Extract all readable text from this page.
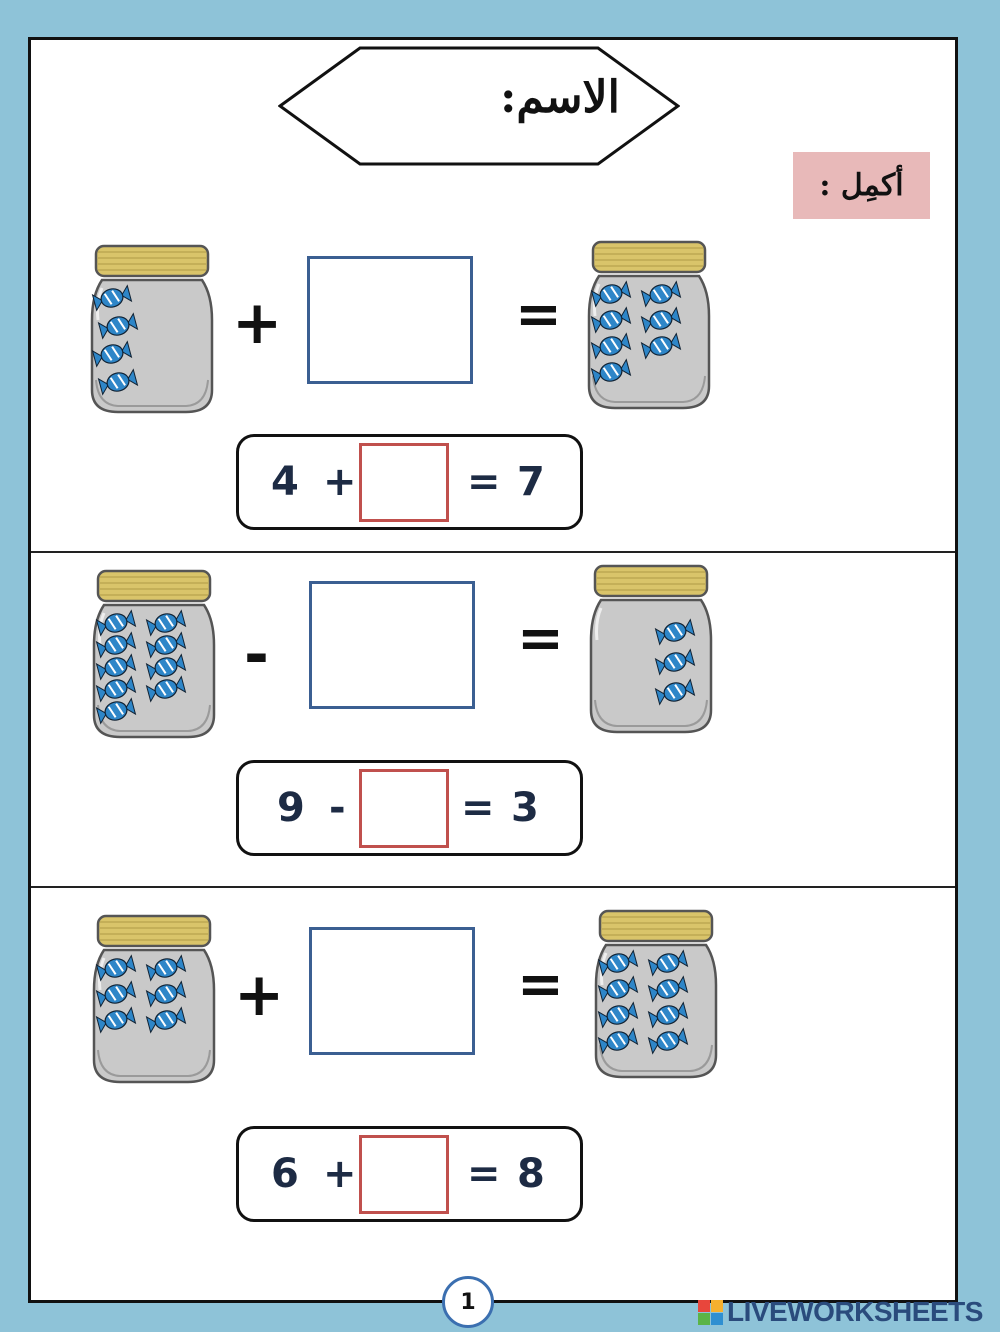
الاسم:
أكمِل :
+	=
4 +	= 7
-	=
9 -	= 3
+	=
6 +	= 8
1	LIVEWORKSHEETS
